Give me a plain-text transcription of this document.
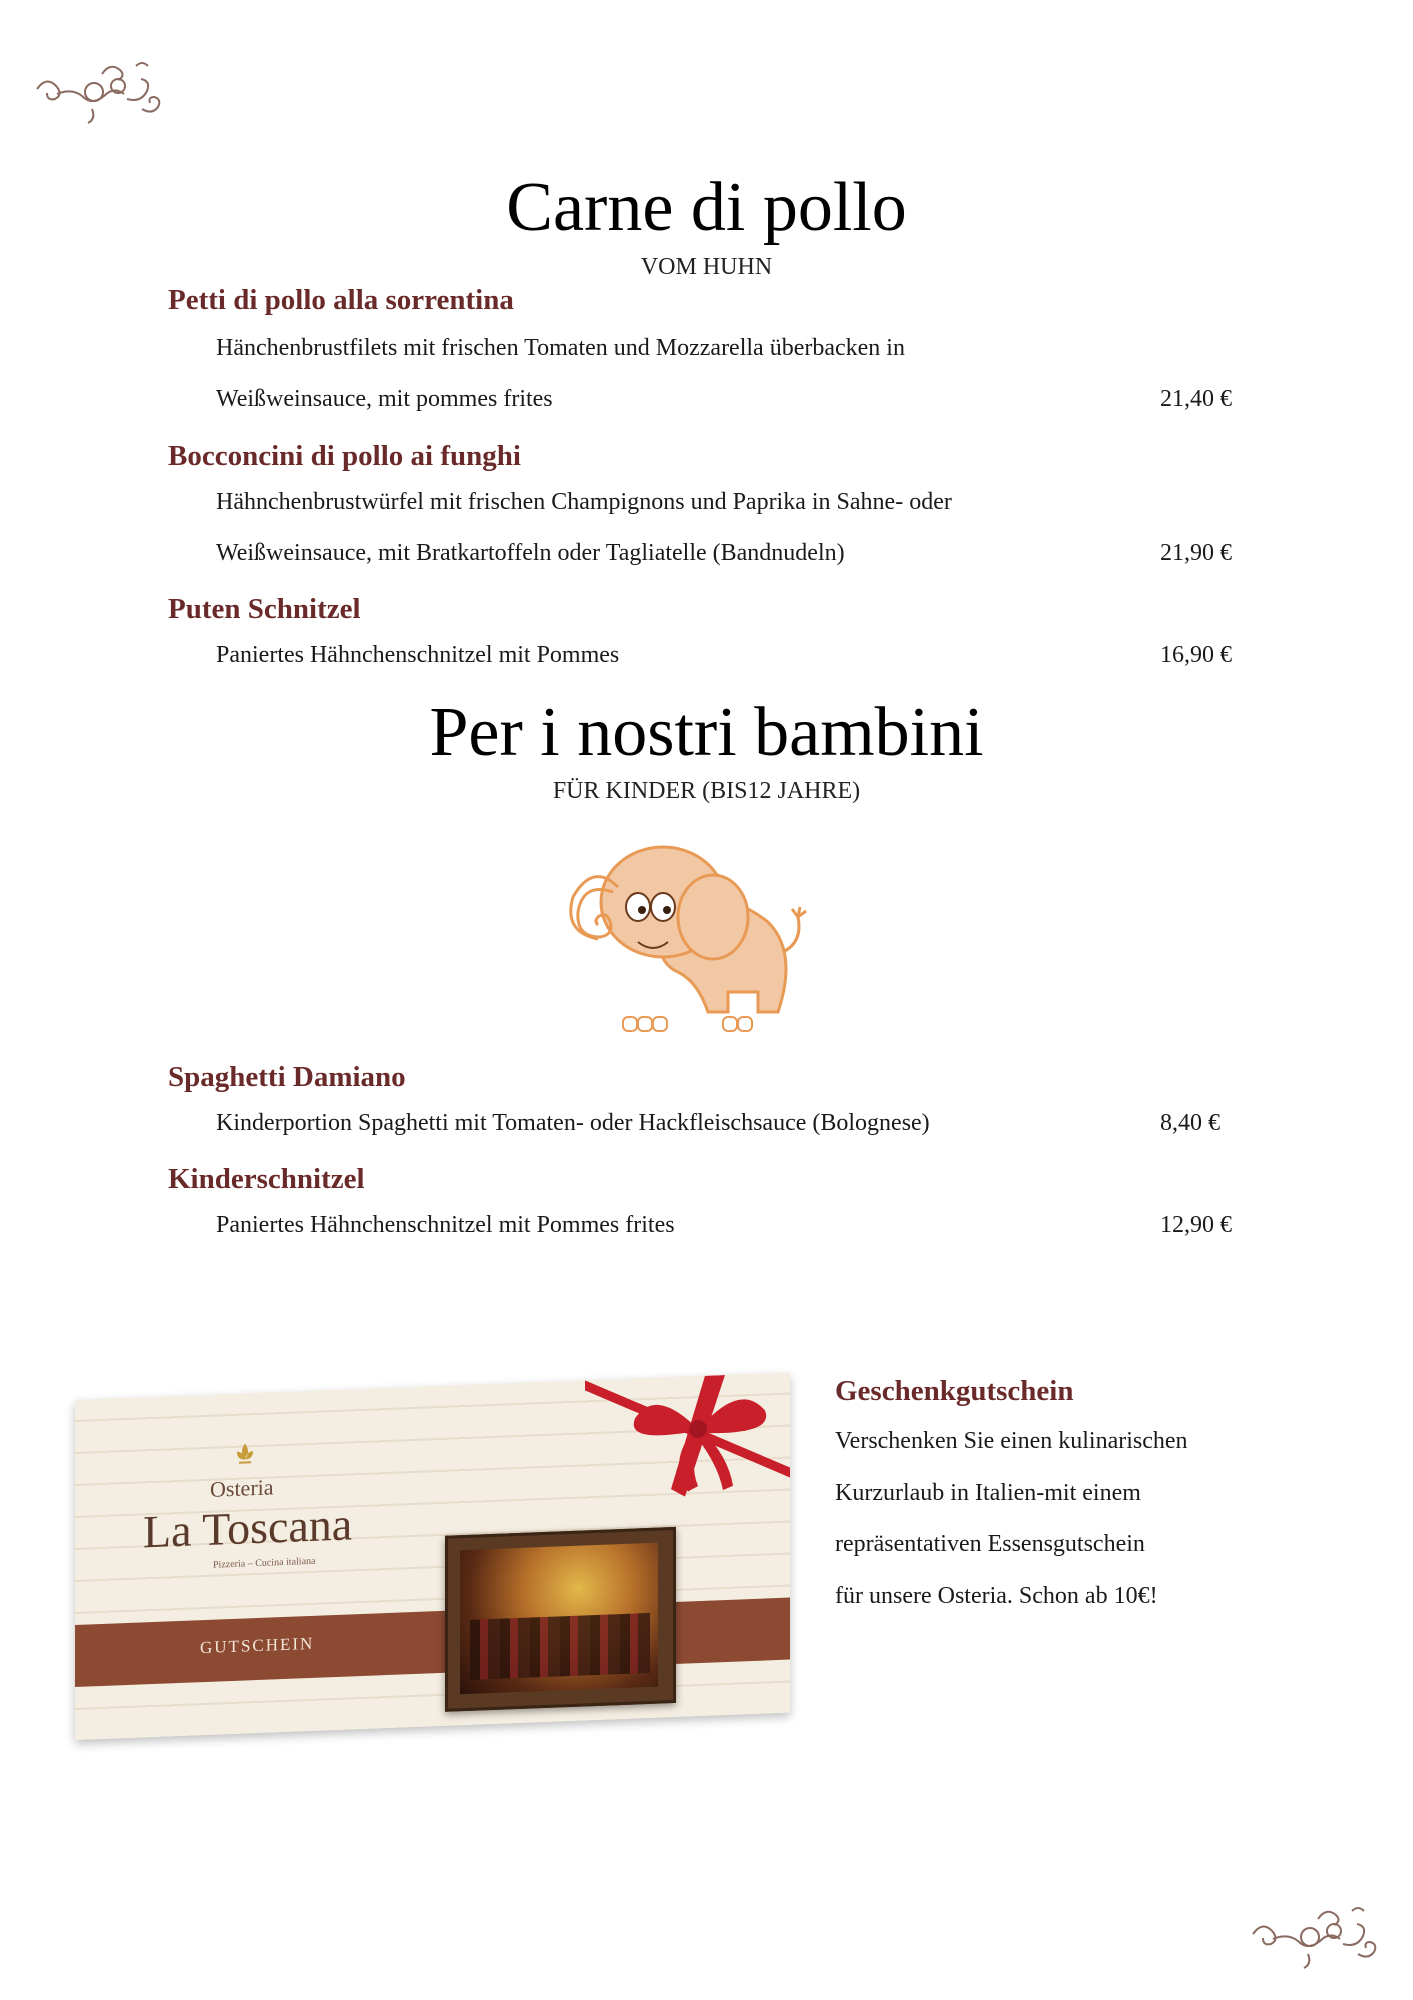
Carne di pollo
VOM HUHN
Petti di pollo alla sorrentina
Hänchenbrustfilets mit frischen Tomaten und Mozzarella überbacken in
Weißweinsauce, mit pommes frites	21,40 €
Bocconcini di pollo ai funghi
Hähnchenbrustwürfel mit frischen Champignons und Paprika in Sahne- oder
Weißweinsauce, mit Bratkartoffeln oder Tagliatelle (Bandnudeln)	21,90 €
Puten Schnitzel
Paniertes Hähnchenschnitzel mit Pommes	16,90 €
Per i nostri bambini
FÜR KINDER (BIS12 JAHRE)
Spaghetti Damiano
Kinderportion Spaghetti mit Tomaten- oder Hackfleischsauce (Bolognese)	8,40 €
Kinderschnitzel
Paniertes Hähnchenschnitzel mit Pommes frites	12,90 €
GUTSCHEIN
Osteria
La Toscana
Pizzeria – Cucina italiana
Geschenkgutschein
Verschenken Sie einen kulinarischen
Kurzurlaub in Italien-mit einem
repräsentativen Essensgutschein
für unsere Osteria. Schon ab 10€!
